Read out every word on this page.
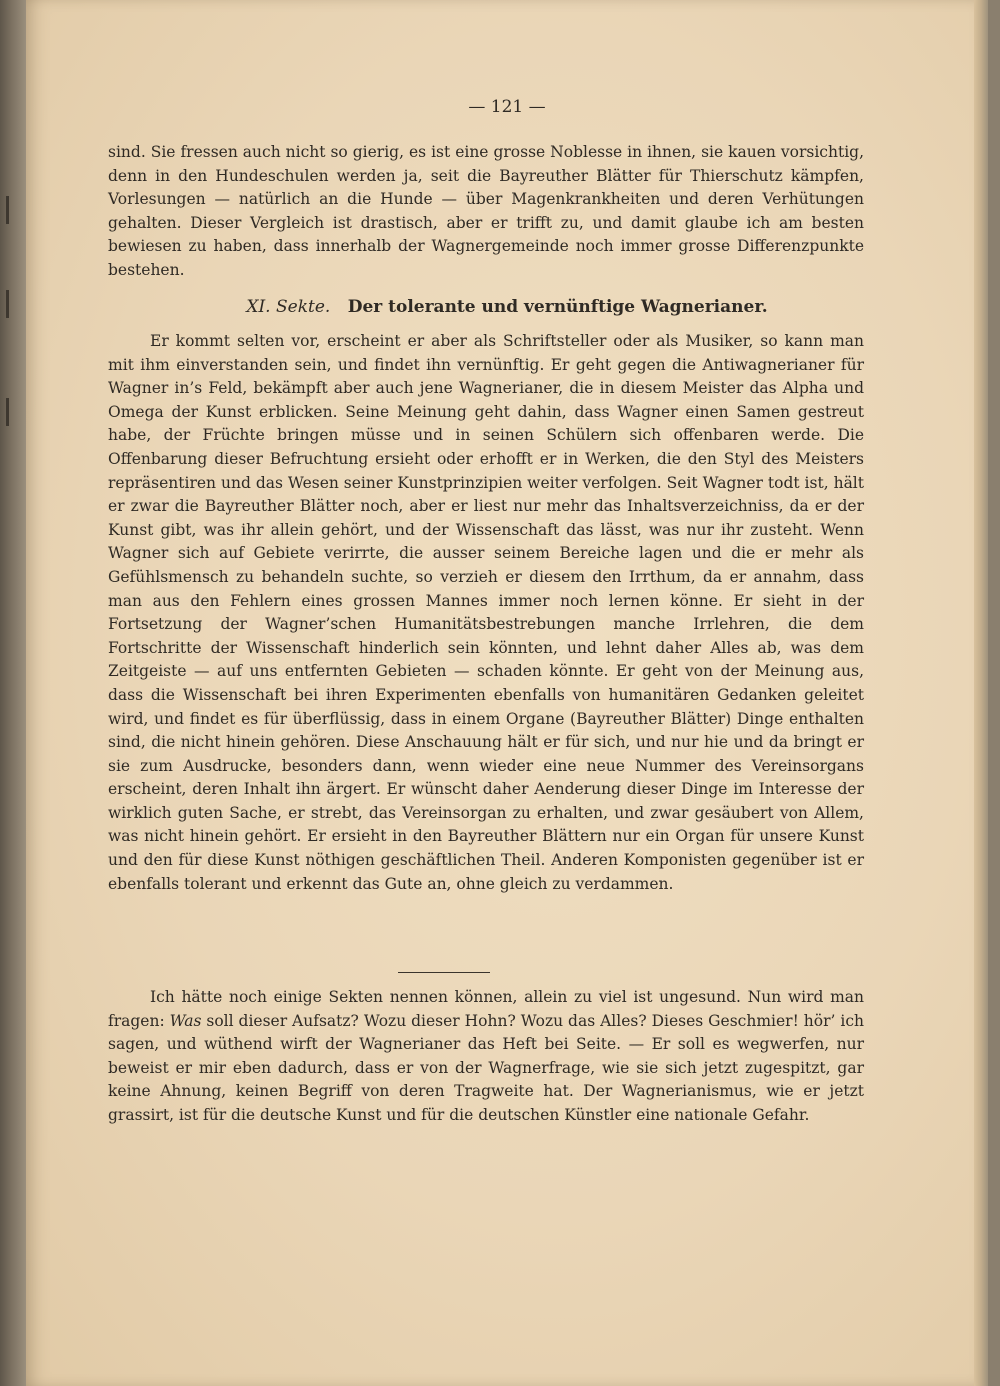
— 121 —
sind. Sie fressen auch nicht so gierig, es ist eine grosse Noblesse in ihnen, sie kauen vorsichtig, denn in den Hundeschulen werden ja, seit die Bayreuther Blätter für Thierschutz kämpfen, Vorlesungen — natürlich an die Hunde — über Magenkrankheiten und deren Verhütungen gehalten. Dieser Vergleich ist drastisch, aber er trifft zu, und damit glaube ich am besten bewiesen zu haben, dass innerhalb der Wagnergemeinde noch immer grosse Differenzpunkte bestehen.
XI. Sekte. Der tolerante und vernünftige Wagnerianer.
Er kommt selten vor, erscheint er aber als Schriftsteller oder als Musiker, so kann man mit ihm einverstanden sein, und findet ihn vernünftig. Er geht gegen die Antiwagnerianer für Wagner in’s Feld, bekämpft aber auch jene Wagnerianer, die in diesem Meister das Alpha und Omega der Kunst erblicken. Seine Meinung geht dahin, dass Wagner einen Samen gestreut habe, der Früchte bringen müsse und in seinen Schülern sich offenbaren werde. Die Offenbarung dieser Befruchtung ersieht oder erhofft er in Werken, die den Styl des Meisters repräsentiren und das Wesen seiner Kunstprinzipien weiter verfolgen. Seit Wagner todt ist, hält er zwar die Bayreuther Blätter noch, aber er liest nur mehr das Inhaltsverzeichniss, da er der Kunst gibt, was ihr allein gehört, und der Wissenschaft das lässt, was nur ihr zusteht. Wenn Wagner sich auf Gebiete verirrte, die ausser seinem Bereiche lagen und die er mehr als Gefühlsmensch zu behandeln suchte, so verzieh er diesem den Irrthum, da er annahm, dass man aus den Fehlern eines grossen Mannes immer noch lernen könne. Er sieht in der Fortsetzung der Wagner’schen Humanitätsbestrebungen manche Irrlehren, die dem Fortschritte der Wissenschaft hinderlich sein könnten, und lehnt daher Alles ab, was dem Zeitgeiste — auf uns entfernten Gebieten — schaden könnte. Er geht von der Meinung aus, dass die Wissenschaft bei ihren Experimenten ebenfalls von humanitären Gedanken geleitet wird, und findet es für überflüssig, dass in einem Organe (Bayreuther Blätter) Dinge enthalten sind, die nicht hinein gehören. Diese Anschauung hält er für sich, und nur hie und da bringt er sie zum Ausdrucke, besonders dann, wenn wieder eine neue Nummer des Vereinsorgans erscheint, deren Inhalt ihn ärgert. Er wünscht daher Aenderung dieser Dinge im Interesse der wirklich guten Sache, er strebt, das Vereinsorgan zu erhalten, und zwar gesäubert von Allem, was nicht hinein gehört. Er ersieht in den Bayreuther Blättern nur ein Organ für unsere Kunst und den für diese Kunst nöthigen geschäftlichen Theil. Anderen Komponisten gegenüber ist er ebenfalls tolerant und erkennt das Gute an, ohne gleich zu verdammen.
Ich hätte noch einige Sekten nennen können, allein zu viel ist ungesund. Nun wird man fragen: Was soll dieser Aufsatz? Wozu dieser Hohn? Wozu das Alles? Dieses Geschmier! hör’ ich sagen, und wüthend wirft der Wagnerianer das Heft bei Seite. — Er soll es wegwerfen, nur beweist er mir eben dadurch, dass er von der Wagnerfrage, wie sie sich jetzt zugespitzt, gar keine Ahnung, keinen Begriff von deren Tragweite hat. Der Wagnerianismus, wie er jetzt grassirt, ist für die deutsche Kunst und für die deutschen Künstler eine nationale Gefahr.
